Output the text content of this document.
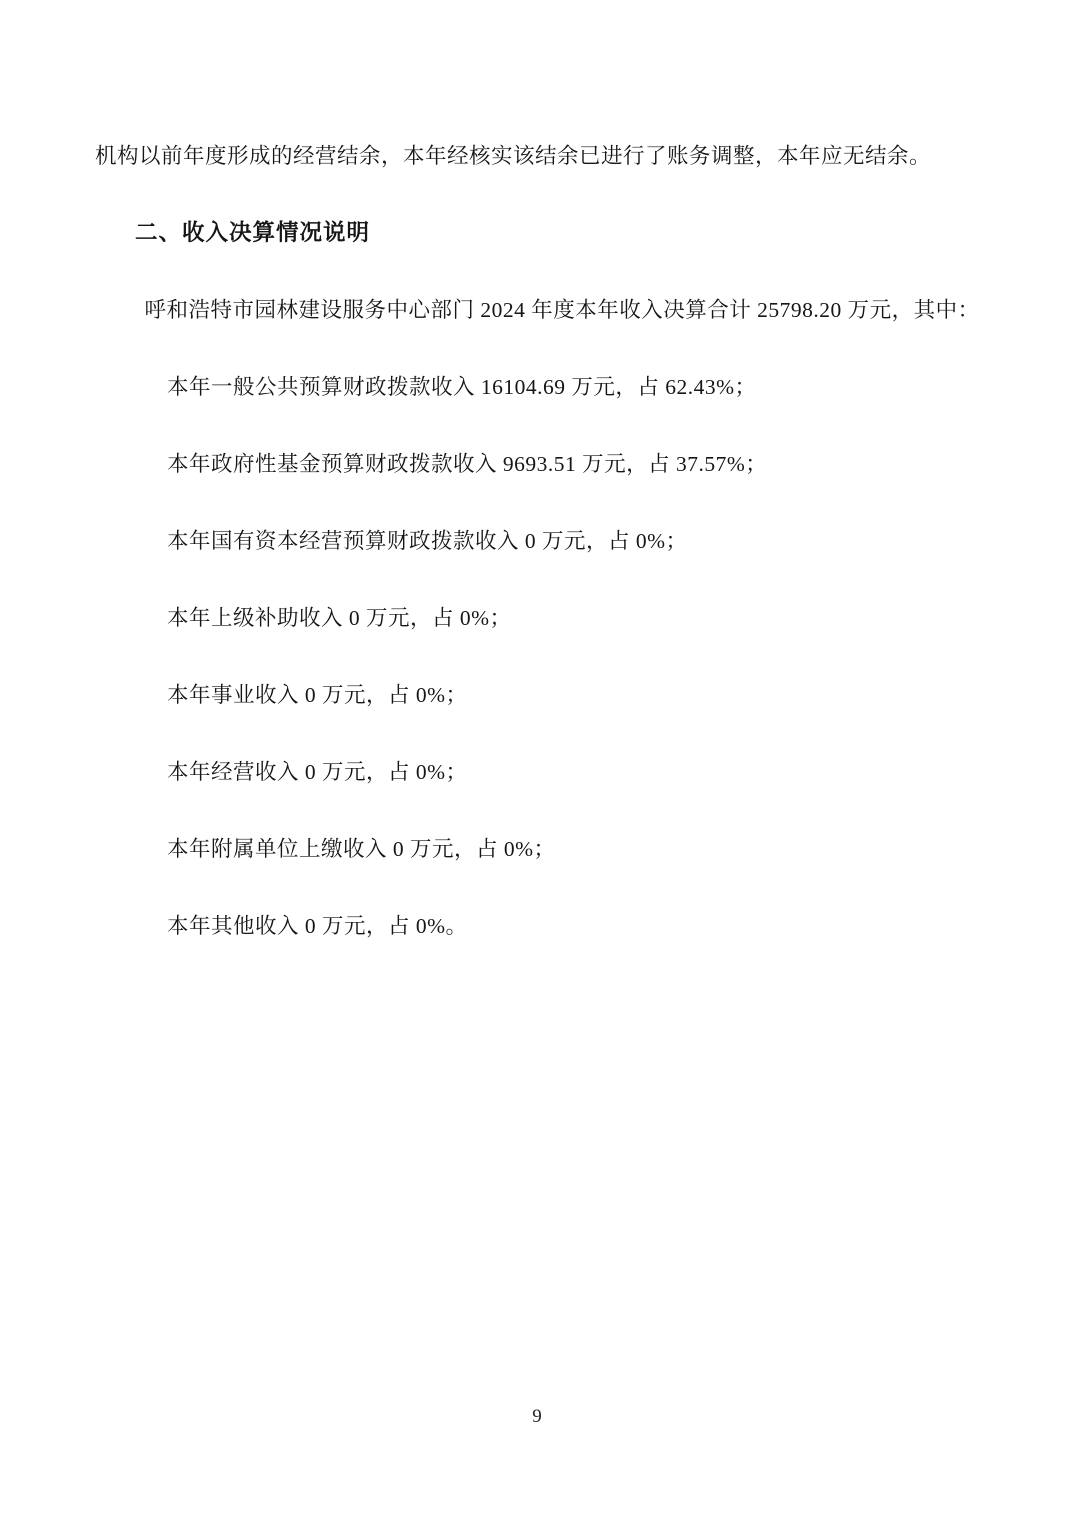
机构以前年度形成的经营结余，本年经核实该结余已进行了账务调整，本年应无结余。

二、收入决算情况说明

呼和浩特市园林建设服务中心部门 2024 年度本年收入决算合计 25798.20 万元，其中：

本年一般公共预算财政拨款收入 16104.69 万元，占 62.43%；

本年政府性基金预算财政拨款收入 9693.51 万元，占 37.57%；

本年国有资本经营预算财政拨款收入 0 万元，占 0%；

本年上级补助收入 0 万元，占 0%；

本年事业收入 0 万元，占 0%；

本年经营收入 0 万元，占 0%；

本年附属单位上缴收入 0 万元，占 0%；

本年其他收入 0 万元，占 0%。

9
